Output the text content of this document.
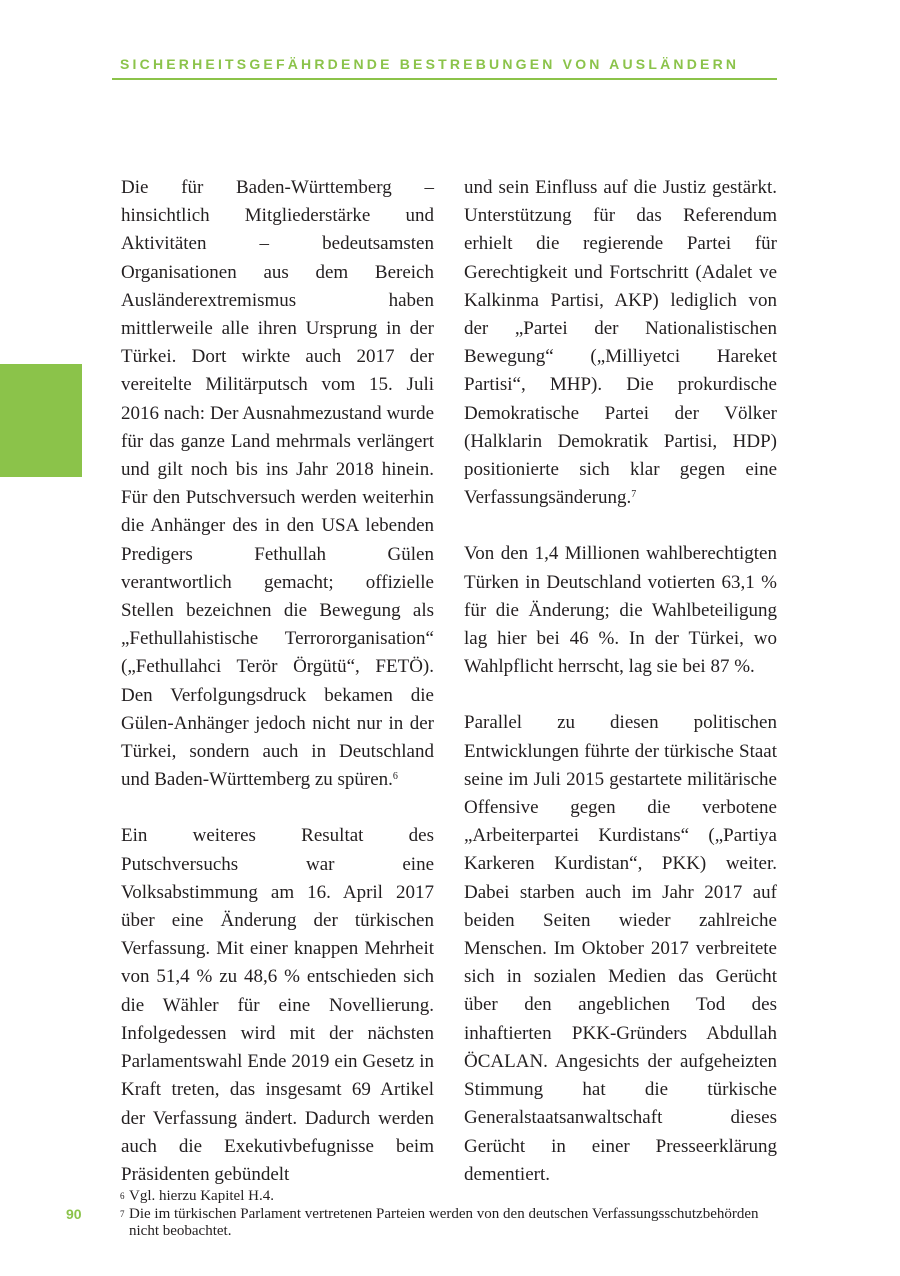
SICHERHEITSGEFÄHRDENDE BESTREBUNGEN VON AUSLÄNDERN

Die für Baden-Württemberg – hinsichtlich Mitgliederstärke und Aktivitäten – bedeutsamsten Organisationen aus dem Bereich Ausländerextremismus haben mittlerweile alle ihren Ursprung in der Türkei. Dort wirkte auch 2017 der vereitelte Militärputsch vom 15. Juli 2016 nach: Der Ausnahmezustand wurde für das ganze Land mehrmals verlängert und gilt noch bis ins Jahr 2018 hinein. Für den Putschversuch werden weiterhin die Anhänger des in den USA lebenden Predigers Fethullah Gülen verantwortlich gemacht; offizielle Stellen bezeichnen die Bewegung als „Fethullahistische Terrororganisation“ („Fethullahci Terör Örgütü“, FETÖ). Den Verfolgungsdruck bekamen die Gülen-Anhänger jedoch nicht nur in der Türkei, sondern auch in Deutschland und Baden-Württemberg zu spüren.$^6$

Ein weiteres Resultat des Putschversuchs war eine Volksabstimmung am 16. April 2017 über eine Änderung der türkischen Verfassung. Mit einer knappen Mehrheit von 51,4 % zu 48,6 % entschieden sich die Wähler für eine Novellierung. Infolgedessen wird mit der nächsten Parlamentswahl Ende 2019 ein Gesetz in Kraft treten, das insgesamt 69 Artikel der Verfassung ändert. Dadurch werden auch die Exekutivbefugnisse beim Präsidenten gebündelt

und sein Einfluss auf die Justiz gestärkt. Unterstützung für das Referendum erhielt die regierende Partei für Gerechtigkeit und Fortschritt (Adalet ve Kalkinma Partisi, AKP) lediglich von der „Partei der Nationalistischen Bewegung“ („Milliyetci Hareket Partisi“, MHP). Die prokurdische Demokratische Partei der Völker (Halklarin Demokratik Partisi, HDP) positionierte sich klar gegen eine Verfassungsänderung.$^7$

Von den 1,4 Millionen wahlberechtigten Türken in Deutschland votierten 63,1 % für die Änderung; die Wahlbeteiligung lag hier bei 46 %. In der Türkei, wo Wahlpflicht herrscht, lag sie bei 87 %.

Parallel zu diesen politischen Entwicklungen führte der türkische Staat seine im Juli 2015 gestartete militärische Offensive gegen die verbotene „Arbeiterpartei Kurdistans“ („Partiya Karkeren Kurdistan“, PKK) weiter. Dabei starben auch im Jahr 2017 auf beiden Seiten wieder zahlreiche Menschen. Im Oktober 2017 verbreitete sich in sozialen Medien das Gerücht über den angeblichen Tod des inhaftierten PKK-Gründers Abdullah ÖCALAN. Angesichts der aufgeheizten Stimmung hat die türkische Generalstaatsanwaltschaft dieses Gerücht in einer Presseerklärung dementiert.

90
6 Vgl. hierzu Kapitel H.4.
7 Die im türkischen Parlament vertretenen Parteien werden von den deutschen Verfassungsschutzbehörden nicht beobachtet.
